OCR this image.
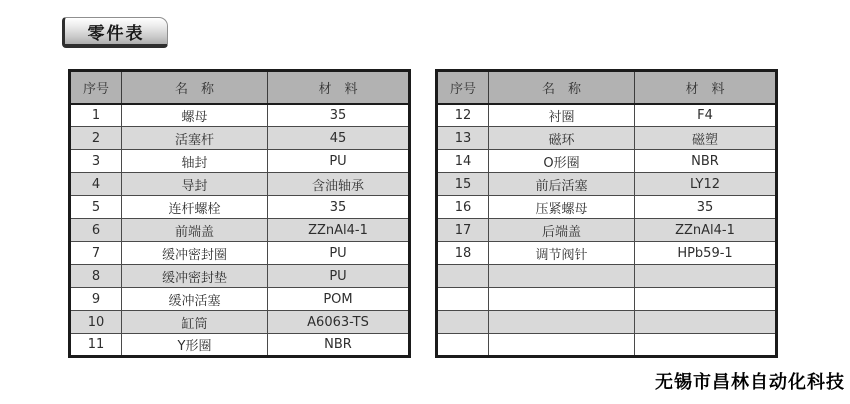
零件表
序号	名　称	材　料
1	螺母	35
2	活塞杆	45
3	轴封	PU
4	导封	含油轴承
5	连杆螺栓	35
6	前端盖	ZZnAl4-1
7	缓冲密封圈	PU
8	缓冲密封垫	PU
9	缓冲活塞	POM
10	缸筒	A6063-TS
11	Y形圈	NBR
序号	名　称	材　料
12	衬圈	F4
13	磁环	磁塑
14	O形圈	NBR
15	前后活塞	LY12
16	压紧螺母	35
17	后端盖	ZZnAl4-1
18	调节阀针	HPb59-1

无锡市昌林自动化科技
